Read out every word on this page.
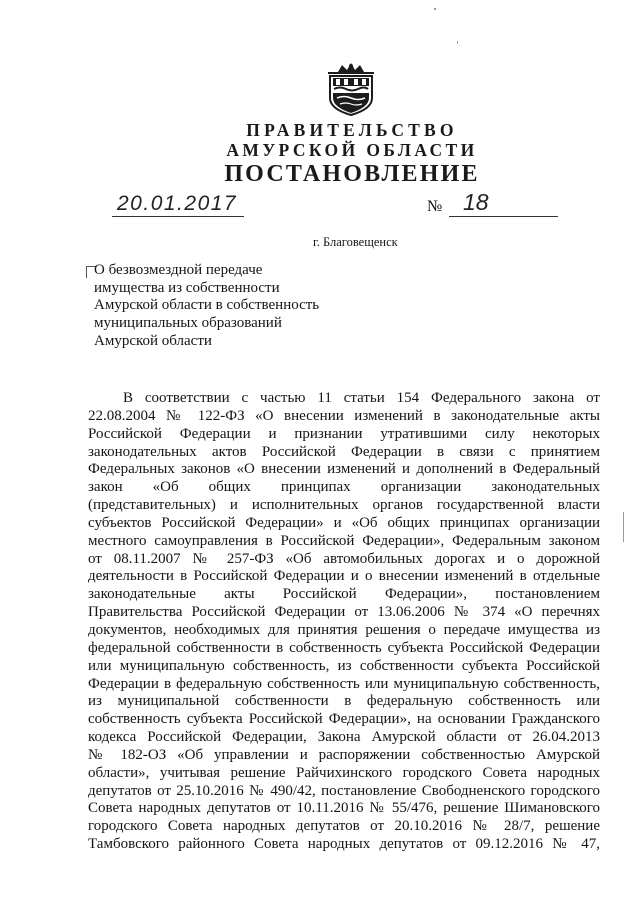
ПРАВИТЕЛЬСТВО
АМУРСКОЙ ОБЛАСТИ
ПОСТАНОВЛЕНИЕ
20.01.2017	№ 18
г. Благовещенск
О безвозмездной передаче
имущества из собственности
Амурской области в собственность
муниципальных образований
Амурской области

В соответствии с частью 11 статьи 154 Федерального закона от

22.08.2004 № 122-ФЗ «О внесении изменений в законодательные акты

Российской Федерации и признании утратившими силу некоторых

законодательных актов Российской Федерации в связи с принятием

Федеральных законов «О внесении изменений и дополнений в Федеральный

закон «Об общих принципах организации законодательных

(представительных) и исполнительных органов государственной власти

субъектов Российской Федерации» и «Об общих принципах организации

местного самоуправления в Российской Федерации», Федеральным законом

от 08.11.2007 № 257-ФЗ «Об автомобильных дорогах и о дорожной

деятельности в Российской Федерации и о внесении изменений в отдельные

законодательные акты Российской Федерации», постановлением

Правительства Российской Федерации от 13.06.2006 № 374 «О перечнях

документов, необходимых для принятия решения о передаче имущества из

федеральной собственности в собственность субъекта Российской Федерации

или муниципальную собственность, из собственности субъекта Российской

Федерации в федеральную собственность или муниципальную собственность,

из муниципальной собственности в федеральную собственность или

собственность субъекта Российской Федерации», на основании Гражданского

кодекса Российской Федерации, Закона Амурской области от 26.04.2013

№ 182-ОЗ «Об управлении и распоряжении собственностью Амурской

области», учитывая решение Райчихинского городского Совета народных

депутатов от 25.10.2016 № 490/42, постановление Свободненского городского

Совета народных депутатов от 10.11.2016 № 55/476, решение Шимановского

городского Совета народных депутатов от 20.10.2016 № 28/7, решение

Тамбовского районного Совета народных депутатов от 09.12.2016 № 47,
